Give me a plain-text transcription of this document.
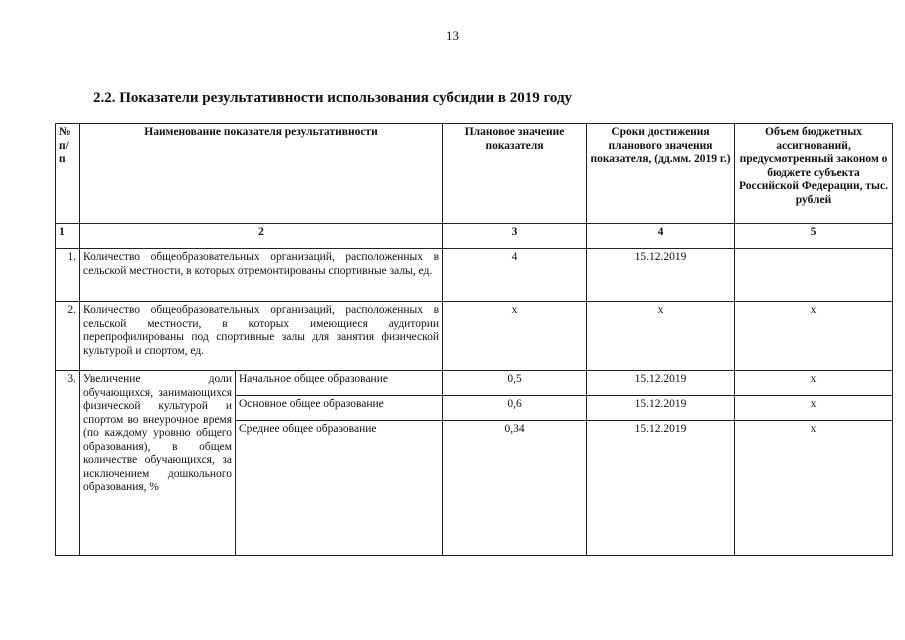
13
2.2. Показатели результативности использования субсидии в 2019 году
№ п/ п	Наименование показателя результативности		Плановое значение показателя	Сроки достижения планового значения показателя, (дд.мм. 2019 г.)	Объем бюджетных ассигнований, предусмотренный законом о бюджете субъекта Российской Федерации, тыс. рублей
1	2		3	4	5
1.	Количество общеобразовательных организаций, расположенных в сельской местности, в которых отремонтированы спортивные залы, ед.		4	15.12.2019	
2.	Количество общеобразовательных организаций, расположенных в сельской местности, в которых имеющиеся аудитории перепрофилированы под спортивные залы для занятия физической культурой и спортом, ед.		х	х	х
3.	Увеличение доли обучающихся, занимающихся физической культурой и спортом во внеурочное время (по каждому уровню общего образования), в общем количестве обучающихся, за исключением дошкольного образования, %	Начальное общее образование	0,5	15.12.2019	х
		Основное общее образование	0,6	15.12.2019	х
		Среднее общее образование	0,34	15.12.2019	х
